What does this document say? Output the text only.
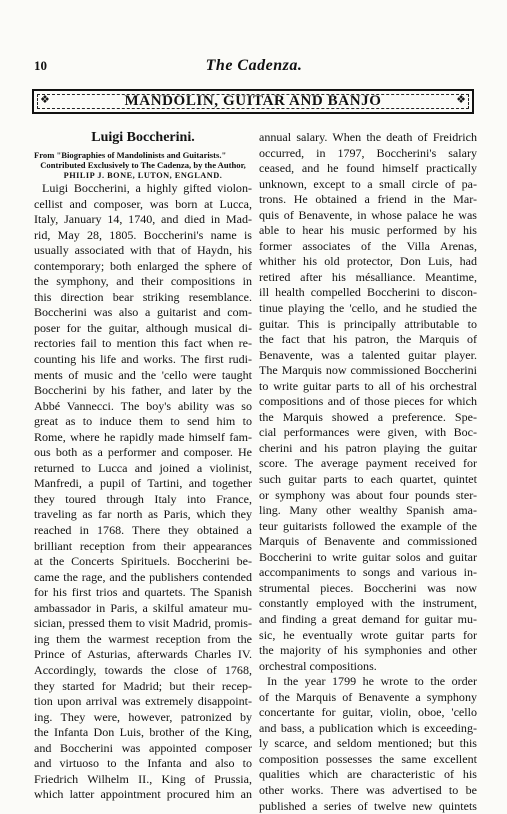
10	The Cadenza.
❖	MANDOLIN, GUITAR AND BANJO	❖
Luigi Boccherini.

From "Biographies of Mandolinists and Guitarists."

Contributed Exclusively to The Cadenza, by the Author,

PHILIP J. BONE, LUTON, ENGLAND.

Luigi Boccherini, a highly gifted violon-
cellist and composer, was born at Lucca,
Italy, January 14, 1740, and died in Mad-
rid, May 28, 1805. Boccherini's name is
usually associated with that of Haydn, his
contemporary; both enlarged the sphere of
the symphony, and their compositions in
this direction bear striking resemblance.
Boccherini was also a guitarist and com-
poser for the guitar, although musical di-
rectories fail to mention this fact when re-
counting his life and works. The first rudi-
ments of music and the 'cello were taught
Boccherini by his father, and later by the
Abbé Vannecci. The boy's ability was so
great as to induce them to send him to
Rome, where he rapidly made himself fam-
ous both as a performer and composer. He
returned to Lucca and joined a violinist,
Manfredi, a pupil of Tartini, and together
they toured through Italy into France,
traveling as far north as Paris, which they
reached in 1768. There they obtained a
brilliant reception from their appearances
at the Concerts Spirituels. Boccherini be-
came the rage, and the publishers contended
for his first trios and quartets. The Spanish
ambassador in Paris, a skilful amateur mu-
sician, pressed them to visit Madrid, promis-
ing them the warmest reception from the
Prince of Asturias, afterwards Charles IV.
Accordingly, towards the close of 1768,
they started for Madrid; but their recep-
tion upon arrival was extremely disappoint-
ing. They were, however, patronized by
the Infanta Don Luis, brother of the King,
and Boccherini was appointed composer
and virtuoso to the Infanta and also to
Friedrich Wilhelm II., King of Prussia,
which latter appointment procured him an
annual salary. When the death of Freidrich
occurred, in 1797, Boccherini's salary
ceased, and he found himself practically
unknown, except to a small circle of pa-
trons. He obtained a friend in the Mar-
quis of Benavente, in whose palace he was
able to hear his music performed by his
former associates of the Villa Arenas,
whither his old protector, Don Luis, had
retired after his mésalliance. Meantime,
ill health compelled Boccherini to discon-
tinue playing the 'cello, and he studied the
guitar. This is principally attributable to
the fact that his patron, the Marquis of
Benavente, was a talented guitar player.
The Marquis now commissioned Boccherini
to write guitar parts to all of his orchestral
compositions and of those pieces for which
the Marquis showed a preference. Spe-
cial performances were given, with Boc-
cherini and his patron playing the guitar
score. The average payment received for
such guitar parts to each quartet, quintet
or symphony was about four pounds ster-
ling. Many other wealthy Spanish ama-
teur guitarists followed the example of the
Marquis of Benavente and commissioned
Boccherini to write guitar solos and guitar
accompaniments to songs and various in-
strumental pieces. Boccherini was now
constantly employed with the instrument,
and finding a great demand for guitar mu-
sic, he eventually wrote guitar parts for
the majority of his symphonies and other
orchestral compositions.
In the year 1799 he wrote to the order
of the Marquis of Benavente a symphony
concertante for guitar, violin, oboe, 'cello
and bass, a publication which is exceeding-
ly scarce, and seldom mentioned; but this
composition possesses the same excellent
qualities which are characteristic of his
other works. There was advertised to be
published a series of twelve new quintets
